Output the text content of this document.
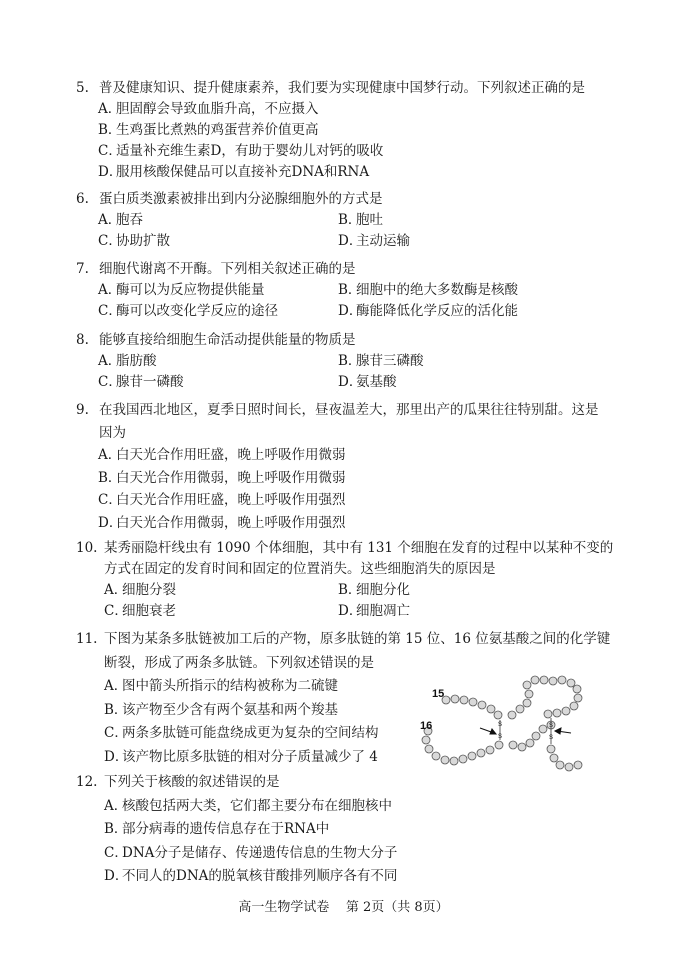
5. 普及健康知识、提升健康素养，我们要为实现健康中国梦行动。下列叙述正确的是
A．胆固醇会导致血脂升高，不应摄入
B．生鸡蛋比煮熟的鸡蛋营养价值更高
C．适量补充维生素D，有助于婴幼儿对钙的吸收
D．服用核酸保健品可以直接补充DNA和RNA
6. 蛋白质类激素被排出到内分泌腺细胞外的方式是
A．胞吞	B．胞吐
C．协助扩散	D．主动运输
7. 细胞代谢离不开酶。下列相关叙述正确的是
A．酶可以为反应物提供能量	B．细胞中的绝大多数酶是核酸
C．酶可以改变化学反应的途径	D．酶能降低化学反应的活化能
8. 能够直接给细胞生命活动提供能量的物质是
A．脂肪酸	B．腺苷三磷酸
C．腺苷一磷酸	D．氨基酸
9. 在我国西北地区，夏季日照时间长，昼夜温差大，那里出产的瓜果往往特别甜。这是
因为
A．白天光合作用旺盛，晚上呼吸作用微弱
B．白天光合作用微弱，晚上呼吸作用微弱
C．白天光合作用旺盛，晚上呼吸作用强烈
D．白天光合作用微弱，晚上呼吸作用强烈
10. 某秀丽隐杆线虫有 1090 个体细胞，其中有 131 个细胞在发育的过程中以某种不变的
方式在固定的发育时间和固定的位置消失。这些细胞消失的原因是
A．细胞分裂	B．细胞分化
C．细胞衰老	D．细胞凋亡
11. 下图为某条多肽链被加工后的产物，原多肽链的第 15 位、16 位氨基酸之间的化学键
断裂，形成了两条多肽链。下列叙述错误的是
A．图中箭头所指示的结构被称为二硫键
B．该产物至少含有两个氨基和两个羧基
C．两条多肽链可能盘绕成更为复杂的空间结构
D．该产物比原多肽链的相对分子质量减少了 4
S
S
S
S
15
16
12. 下列关于核酸的叙述错误的是
A．核酸包括两大类，它们都主要分布在细胞核中
B．部分病毒的遗传信息存在于RNA中
C．DNA分子是储存、传递遗传信息的生物大分子
D．不同人的DNA的脱氧核苷酸排列顺序各有不同
高一生物学试卷    第 2页（共 8页）
